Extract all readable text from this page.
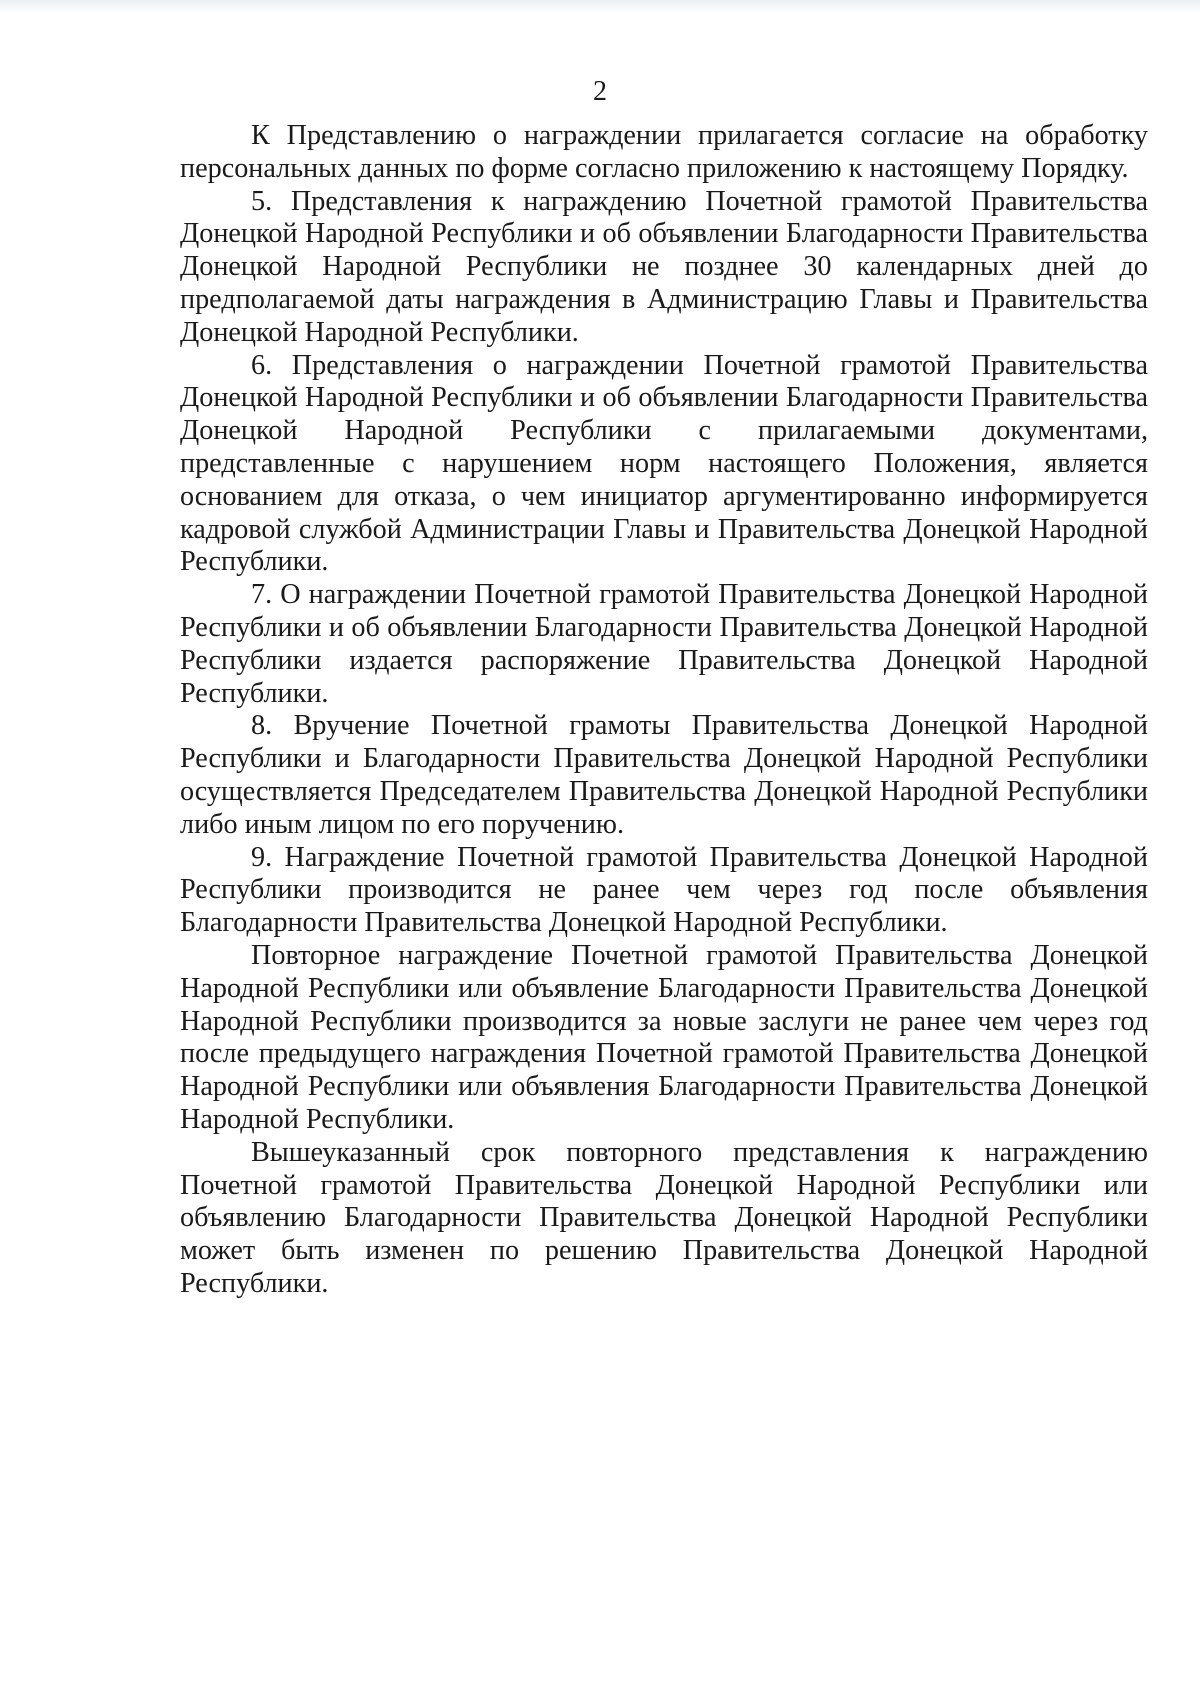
2

К Представлению о награждении прилагается согласие на обработку персональных данных по форме согласно приложению к настоящему Порядку.

5. Представления к награждению Почетной грамотой Правительства Донецкой Народной Республики и об объявлении Благодарности Правительства Донецкой Народной Республики не позднее 30 календарных дней до предполагаемой даты награждения в Администрацию Главы и Правительства Донецкой Народной Республики.

6. Представления о награждении Почетной грамотой Правительства Донецкой Народной Республики и об объявлении Благодарности Правительства Донецкой Народной Республики с прилагаемыми документами, представленные с нарушением норм настоящего Положения, является основанием для отказа, о чем инициатор аргументированно информируется кадровой службой Администрации Главы и Правительства Донецкой Народной Республики.

7. О награждении Почетной грамотой Правительства Донецкой Народной Республики и об объявлении Благодарности Правительства Донецкой Народной Республики издается распоряжение Правительства Донецкой Народной Республики.

8. Вручение Почетной грамоты Правительства Донецкой Народной Республики и Благодарности Правительства Донецкой Народной Республики осуществляется Председателем Правительства Донецкой Народной Республики либо иным лицом по его поручению.

9. Награждение Почетной грамотой Правительства Донецкой Народной Республики производится не ранее чем через год после объявления Благодарности Правительства Донецкой Народной Республики.

Повторное награждение Почетной грамотой Правительства Донецкой Народной Республики или объявление Благодарности Правительства Донецкой Народной Республики производится за новые заслуги не ранее чем через год после предыдущего награждения Почетной грамотой Правительства Донецкой Народной Республики или объявления Благодарности Правительства Донецкой Народной Республики.

Вышеуказанный срок повторного представления к награждению Почетной грамотой Правительства Донецкой Народной Республики или объявлению Благодарности Правительства Донецкой Народной Республики может быть изменен по решению Правительства Донецкой Народной Республики.
